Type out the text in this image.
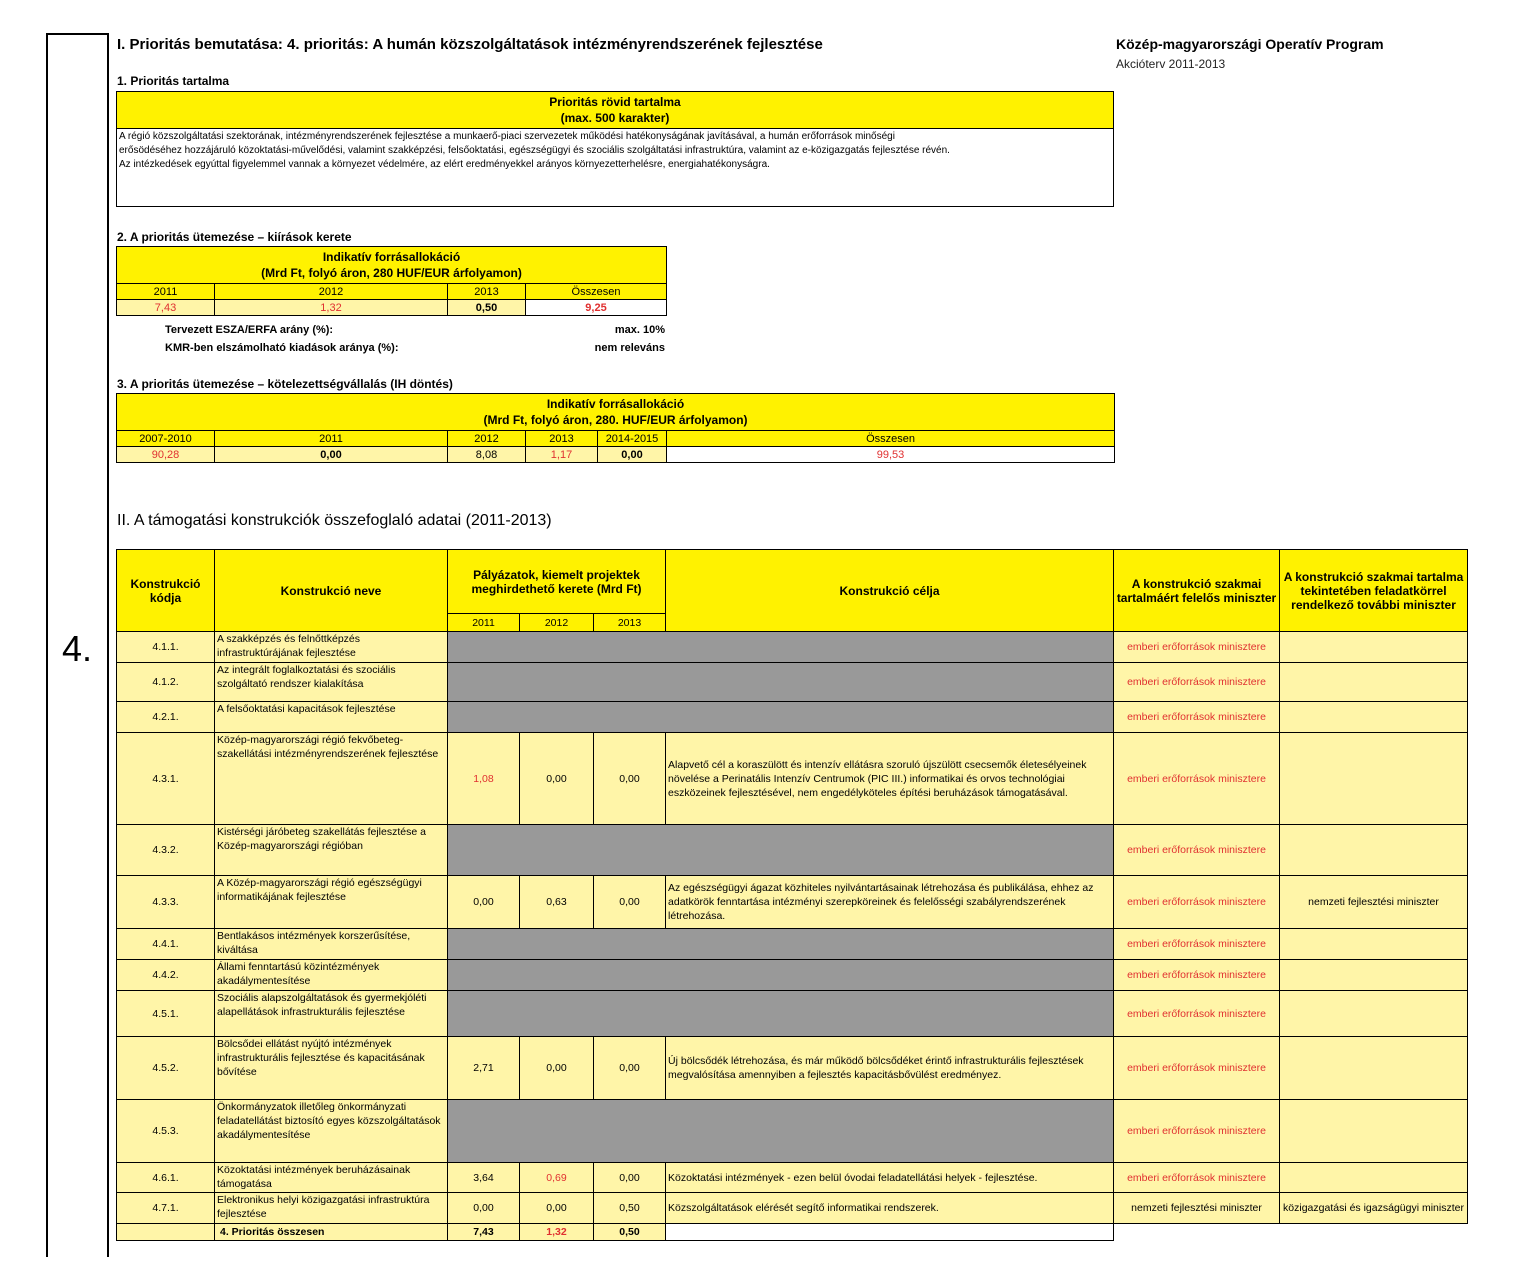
4.
I. Prioritás bemutatása: 4. prioritás: A humán közszolgáltatások intézményrendszerének fejlesztése	Közép-magyarországi Operatív Program
Akcióterv 2011-2013
1. Prioritás tartalma
Prioritás rövid tartalma
(max. 500 karakter)

A régió közszolgáltatási szektorának, intézményrendszerének fejlesztése a munkaerő-piaci szervezetek működési hatékonyságának javításával, a humán erőforrások minőségi
erősödéséhez hozzájáruló közoktatási-művelődési, valamint szakképzési, felsőoktatási, egészségügyi és szociális szolgáltatási infrastruktúra, valamint az e-közigazgatás fejlesztése révén.
Az intézkedések egyúttal figyelemmel vannak a környezet védelmére, az elért eredményekkel arányos környezetterhelésre, energiahatékonyságra.
2. A prioritás ütemezése – kiírások kerete
Indikatív forrásallokáció
(Mrd Ft, folyó áron, 280 HUF/EUR árfolyamon)			

2011	2012	2013	Összesen
7,43	1,32	0,50	9,25
Tervezett ESZA/ERFA arány (%):	max. 10%
KMR-ben elszámolható kiadások aránya (%):	nem releváns
3. A prioritás ütemezése – kötelezettségvállalás (IH döntés)
Indikatív forrásallokáció
(Mrd Ft, folyó áron, 280. HUF/EUR árfolyamon)					

2007-2010	2011	2012	2013	2014-2015	Összesen
90,28	0,00	8,08	1,17	0,00	99,53
II. A támogatási konstrukciók összefoglaló adatai (2011-2013)
Konstrukció kódja	Konstrukció neve	Pályázatok, kiemelt projektek meghirdethető kerete (Mrd Ft)			Konstrukció célja	A konstrukció szakmai tartalmáért felelős miniszter	A konstrukció szakmai tartalma tekintetében feladatkörrel rendelkező további miniszter
		2011	2012	2013			
4.1.1.	A szakképzés és felnőttképzés infrastruktúrájának fejlesztése					emberi erőforrások minisztere	
4.1.2.	Az integrált foglalkoztatási és szociális szolgáltató rendszer kialakítása					emberi erőforrások minisztere	
4.2.1.	A felsőoktatási kapacitások fejlesztése					emberi erőforrások minisztere	
4.3.1.	Közép-magyarországi régió fekvőbeteg-szakellátási intézményrendszerének fejlesztése	1,08	0,00	0,00	Alapvető cél a koraszülött és intenzív ellátásra szoruló újszülött csecsemők életesélyeinek növelése a Perinatális Intenzív Centrumok (PIC III.) informatikai és orvos technológiai eszközeinek fejlesztésével, nem engedélyköteles építési beruházások támogatásával.	emberi erőforrások minisztere	
4.3.2.	Kistérségi járóbeteg szakellátás fejlesztése a Közép-magyarországi régióban					emberi erőforrások minisztere	
4.3.3.	A Közép-magyarországi régió egészségügyi informatikájának fejlesztése	0,00	0,63	0,00	Az egészségügyi ágazat közhiteles nyilvántartásainak létrehozása és publikálása, ehhez az adatkörök fenntartása intézményi szerepköreinek és felelősségi szabályrendszerének létrehozása.	emberi erőforrások minisztere	nemzeti fejlesztési miniszter
4.4.1.	Bentlakásos intézmények korszerűsítése, kiváltása					emberi erőforrások minisztere	
4.4.2.	Állami fenntartású közintézmények akadálymentesítése					emberi erőforrások minisztere	
4.5.1.	Szociális alapszolgáltatások és gyermekjóléti alapellátások infrastrukturális fejlesztése					emberi erőforrások minisztere	
4.5.2.	Bölcsődei ellátást nyújtó intézmények infrastrukturális fejlesztése és kapacitásának bővítése	2,71	0,00	0,00	Új bölcsődék létrehozása, és már működő bölcsődéket érintő infrastrukturális fejlesztések megvalósítása amennyiben a fejlesztés kapacitásbővülést eredményez.	emberi erőforrások minisztere	
4.5.3.	Önkormányzatok illetőleg önkormányzati feladatellátást biztosító egyes közszolgáltatások akadálymentesítése					emberi erőforrások minisztere	
4.6.1.	Közoktatási intézmények beruházásainak támogatása	3,64	0,69	0,00	Közoktatási intézmények - ezen belül óvodai feladatellátási helyek - fejlesztése.	emberi erőforrások minisztere	
4.7.1.	Elektronikus helyi közigazgatási infrastruktúra fejlesztése	0,00	0,00	0,50	Közszolgáltatások elérését segítő informatikai rendszerek.	nemzeti fejlesztési miniszter	közigazgatási és igazságügyi miniszter
	4. Prioritás összesen	7,43	1,32	0,50			
